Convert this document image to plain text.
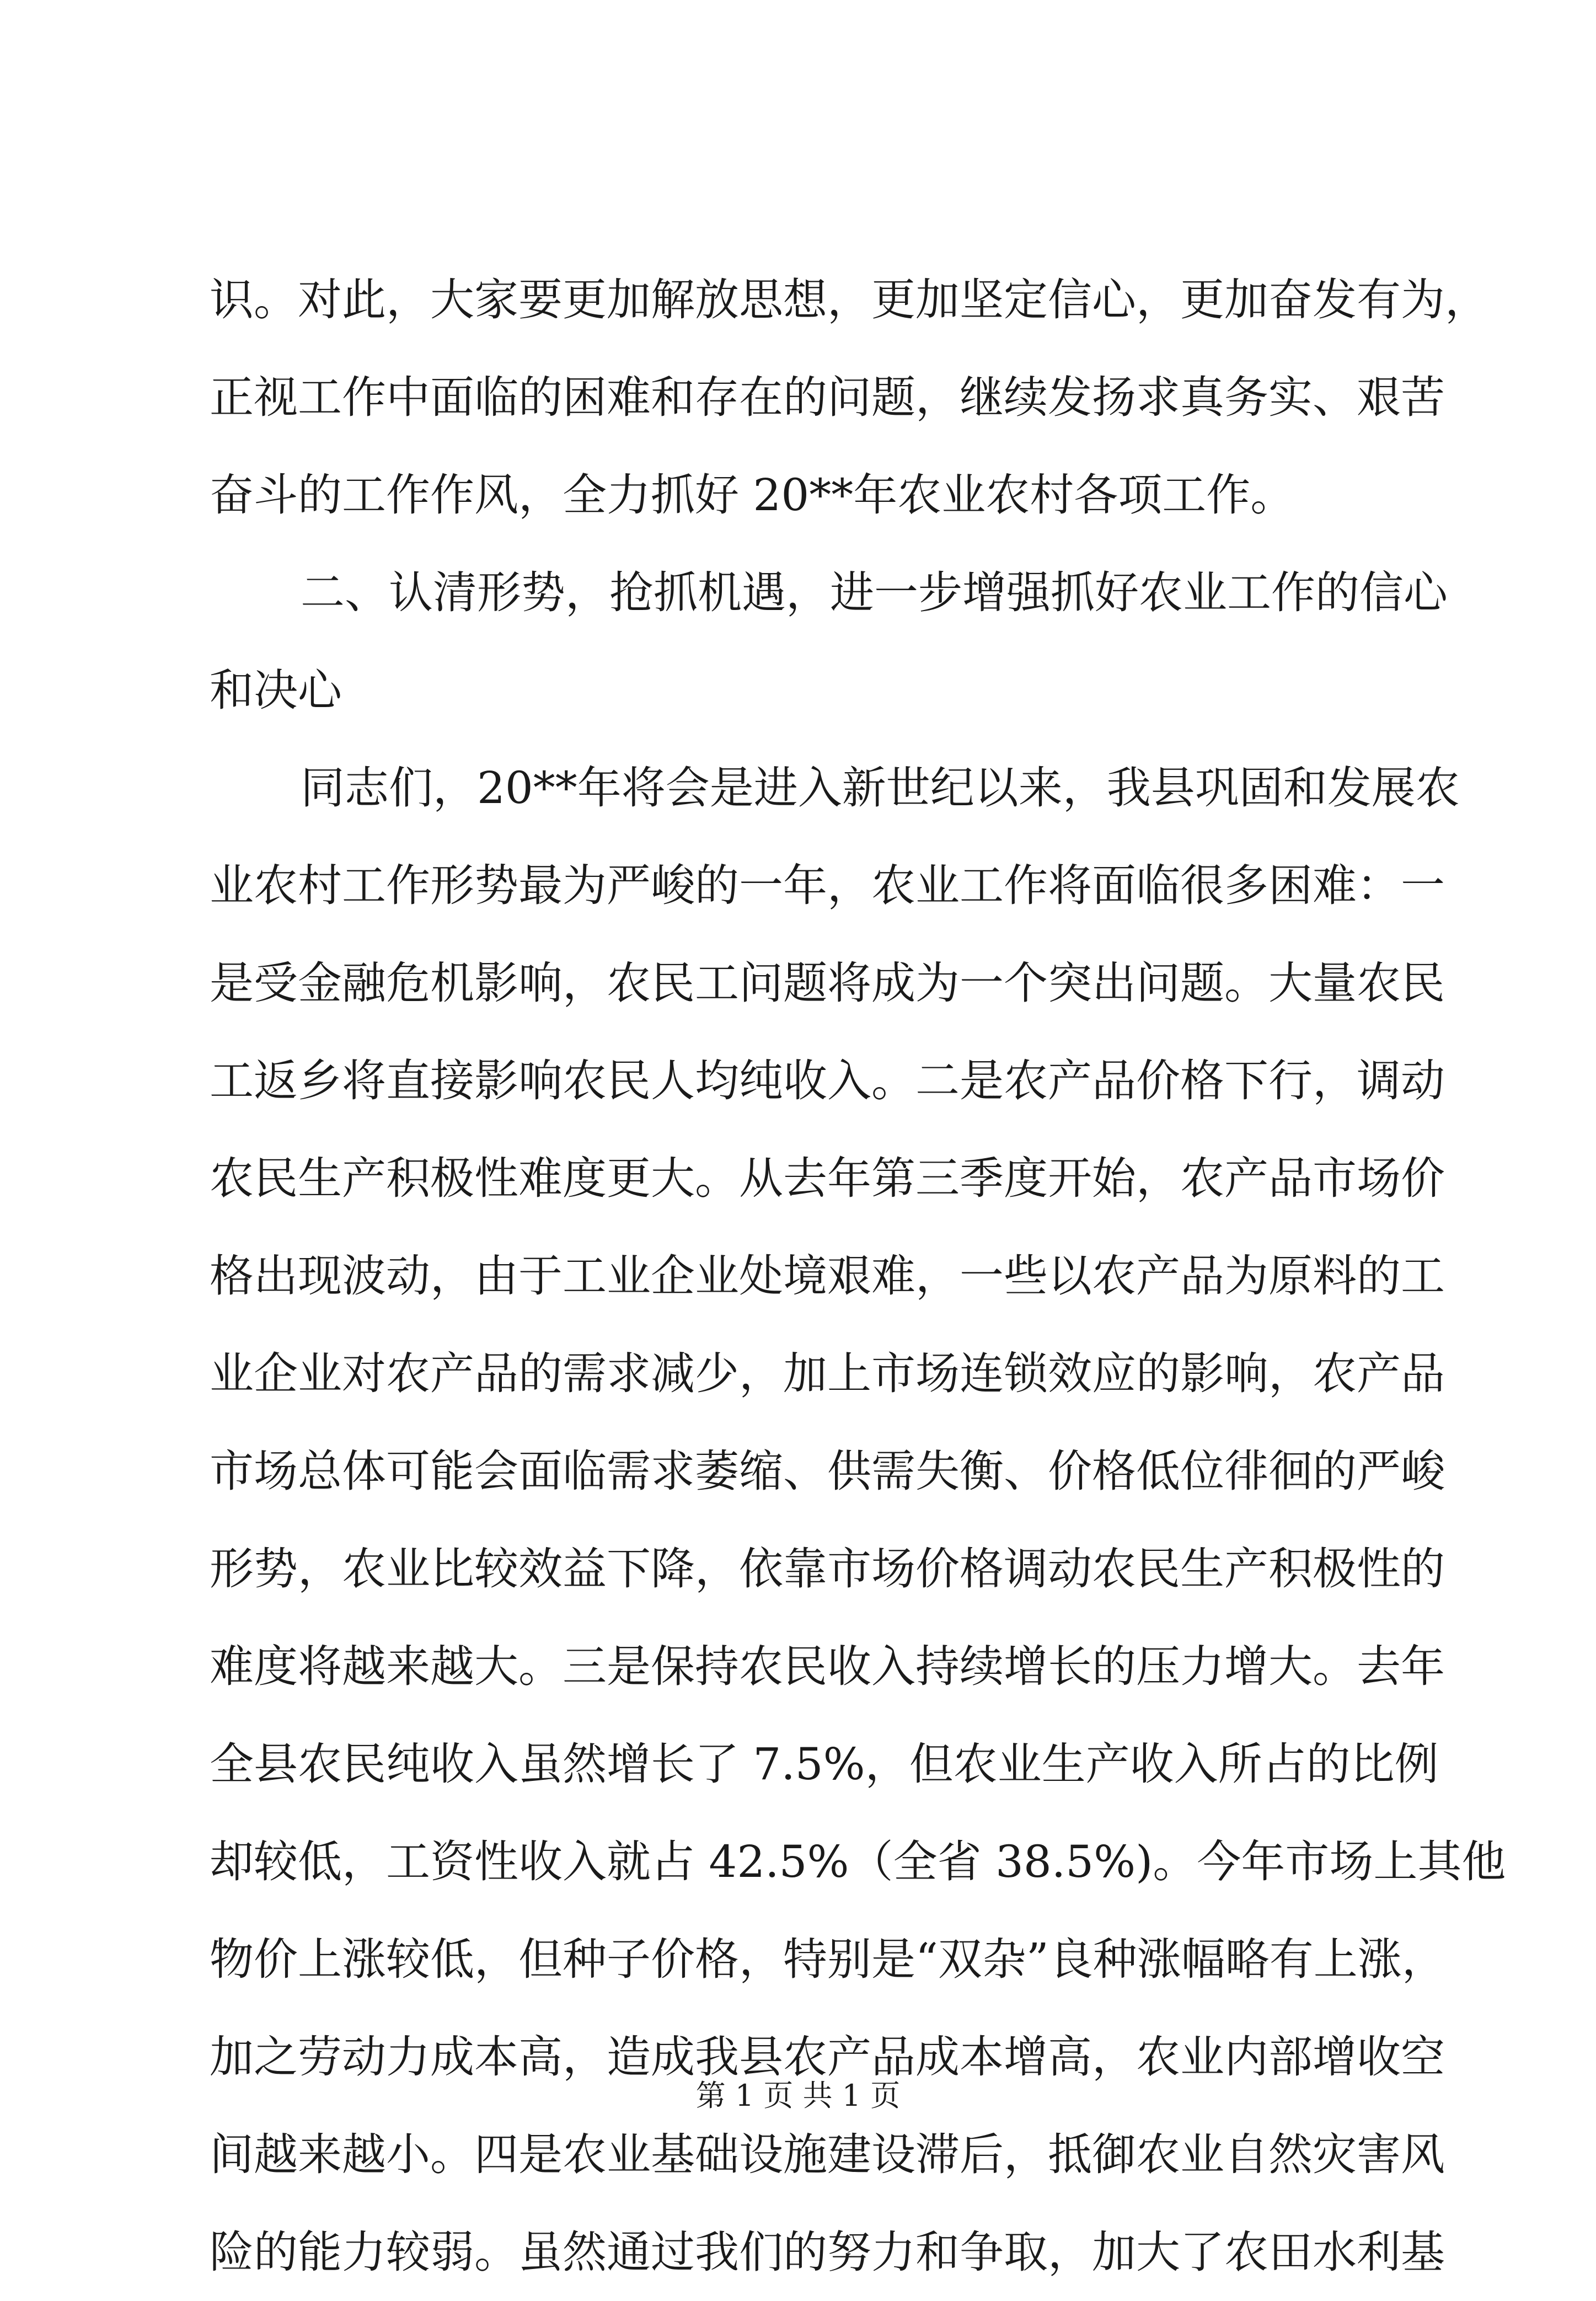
识。对此，大家要更加解放思想，更加坚定信心，更加奋发有为，
正视工作中面临的困难和存在的问题，继续发扬求真务实、艰苦
奋斗的工作作风，全力抓好 20**年农业农村各项工作。
二、认清形势，抢抓机遇，进一步增强抓好农业工作的信心
和决心
同志们，20**年将会是进入新世纪以来，我县巩固和发展农
业农村工作形势最为严峻的一年，农业工作将面临很多困难：一
是受金融危机影响，农民工问题将成为一个突出问题。大量农民
工返乡将直接影响农民人均纯收入。二是农产品价格下行，调动
农民生产积极性难度更大。从去年第三季度开始，农产品市场价
格出现波动，由于工业企业处境艰难，一些以农产品为原料的工
业企业对农产品的需求减少，加上市场连锁效应的影响，农产品
市场总体可能会面临需求萎缩、供需失衡、价格低位徘徊的严峻
形势，农业比较效益下降，依靠市场价格调动农民生产积极性的
难度将越来越大。三是保持农民收入持续增长的压力增大。去年
全县农民纯收入虽然增长了 7.5%，但农业生产收入所占的比例
却较低，工资性收入就占 42.5%（全省 38.5%)。今年市场上其他
物价上涨较低，但种子价格，特别是“双杂”良种涨幅略有上涨，
加之劳动力成本高，造成我县农产品成本增高，农业内部增收空
间越来越小。四是农业基础设施建设滞后，抵御农业自然灾害风
险的能力较弱。虽然通过我们的努力和争取，加大了农田水利基
第 1 页 共 1 页
